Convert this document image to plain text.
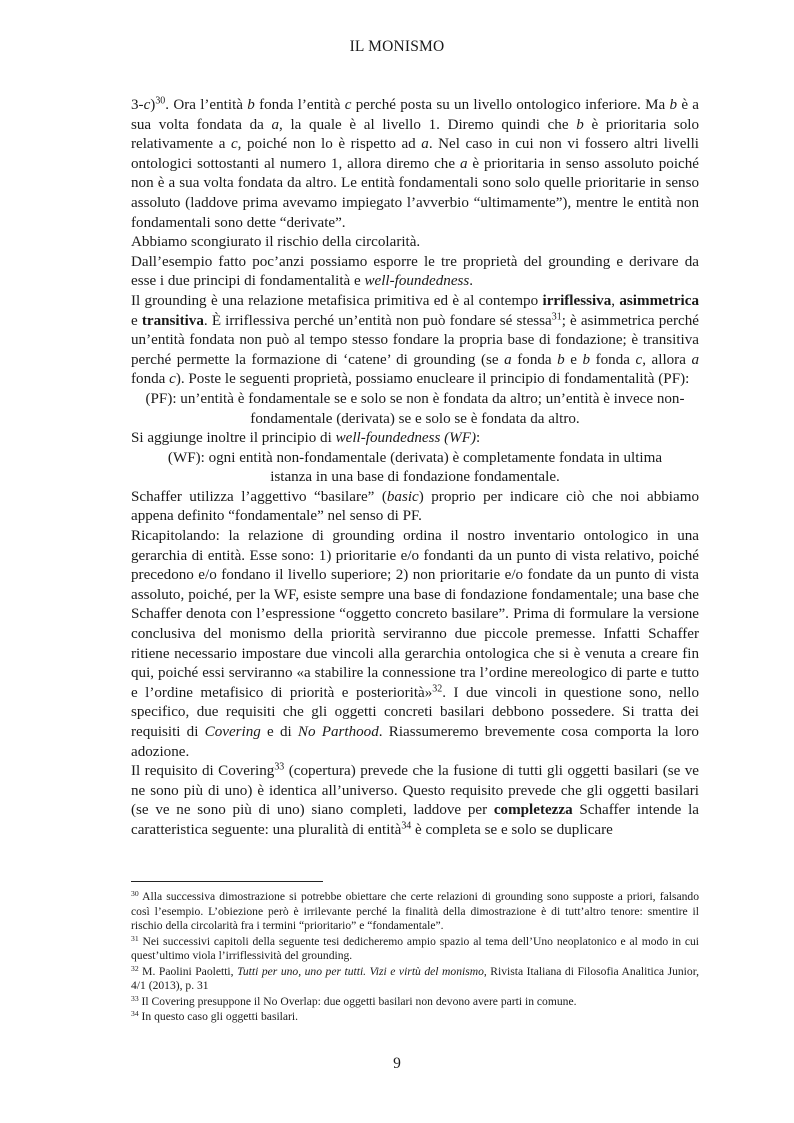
IL MONISMO

3-c)$^{30}$. Ora l’entità b fonda l’entità c perché posta su un livello ontologico inferiore. Ma b è a sua volta fondata da a, la quale è al livello 1. Diremo quindi che b è prioritaria solo relativamente a c, poiché non lo è rispetto ad a. Nel caso in cui non vi fossero altri livelli ontologici sottostanti al numero 1, allora diremo che a è prioritaria in senso assoluto poiché non è a sua volta fondata da altro. Le entità fondamentali sono solo quelle prioritarie in senso assoluto (laddove prima avevamo impiegato l’avverbio “ultimamente”), mentre le entità non fondamentali sono dette “derivate”.

Abbiamo scongiurato il rischio della circolarità.

Dall’esempio fatto poc’anzi possiamo esporre le tre proprietà del grounding e derivare da esse i due principi di fondamentalità e well-foundedness.

Il grounding è una relazione metafisica primitiva ed è al contempo irriflessiva, asimmetrica e transitiva. È irriflessiva perché un’entità non può fondare sé stessa$^{31}$; è asimmetrica perché un’entità fondata non può al tempo stesso fondare la propria base di fondazione; è transitiva perché permette la formazione di ‘catene’ di grounding (se a fonda b e b fonda c, allora a fonda c). Poste le seguenti proprietà, possiamo enucleare il principio di fondamentalità (PF):

(PF): un’entità è fondamentale se e solo se non è fondata da altro; un’entità è invece non-fondamentale (derivata) se e solo se è fondata da altro.

Si aggiunge inoltre il principio di well-foundedness (WF):

(WF): ogni entità non-fondamentale (derivata) è completamente fondata in ultima istanza in una base di fondazione fondamentale.

Schaffer utilizza l’aggettivo “basilare” (basic) proprio per indicare ciò che noi abbiamo appena definito “fondamentale” nel senso di PF.

Ricapitolando: la relazione di grounding ordina il nostro inventario ontologico in una gerarchia di entità. Esse sono: 1) prioritarie e/o fondanti da un punto di vista relativo, poiché precedono e/o fondano il livello superiore; 2) non prioritarie e/o fondate da un punto di vista assoluto, poiché, per la WF, esiste sempre una base di fondazione fondamentale; una base che Schaffer denota con l’espressione “oggetto concreto basilare”. Prima di formulare la versione conclusiva del monismo della priorità serviranno due piccole premesse. Infatti Schaffer ritiene necessario impostare due vincoli alla gerarchia ontologica che si è venuta a creare fin qui, poiché essi serviranno «a stabilire la connessione tra l’ordine mereologico di parte e tutto e l’ordine metafisico di priorità e posteriorità»$^{32}$. I due vincoli in questione sono, nello specifico, due requisiti che gli oggetti concreti basilari debbono possedere. Si tratta dei requisiti di Covering e di No Parthood. Riassumeremo brevemente cosa comporta la loro adozione.

Il requisito di Covering$^{33}$ (copertura) prevede che la fusione di tutti gli oggetti basilari (se ve ne sono più di uno) è identica all’universo. Questo requisito prevede che gli oggetti basilari (se ve ne sono più di uno) siano completi, laddove per completezza Schaffer intende la caratteristica seguente: una pluralità di entità$^{34}$ è completa se e solo se duplicare

$^{30}$ Alla successiva dimostrazione si potrebbe obiettare che certe relazioni di grounding sono supposte a priori, falsando così l’esempio. L’obiezione però è irrilevante perché la finalità della dimostrazione è di tutt’altro tenore: smentire il rischio della circolarità fra i termini “prioritario” e “fondamentale”.

$^{31}$ Nei successivi capitoli della seguente tesi dedicheremo ampio spazio al tema dell’Uno neoplatonico e al modo in cui quest’ultimo viola l’irriflessività del grounding.

$^{32}$ M. Paolini Paoletti, Tutti per uno, uno per tutti. Vizi e virtù del monismo, Rivista Italiana di Filosofia Analitica Junior, 4/1 (2013), p. 31

$^{33}$ Il Covering presuppone il No Overlap: due oggetti basilari non devono avere parti in comune.

$^{34}$ In questo caso gli oggetti basilari.

9
